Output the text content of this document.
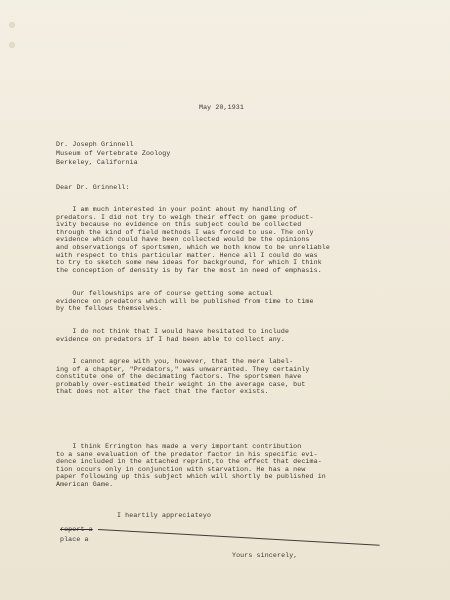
May 20,1931
Dr. Joseph Grinnell
Museum of Vertebrate Zoology
Berkeley, California
Dear Dr. Grinnell:
I am much interested in your point about my handling of
predators. I did not try to weigh their effect on game product-
ivity because no evidence on this subject could be collected
through the kind of field methods I was forced to use. The only
evidence which could have been collected would be the opinions
and observationgs of sportsmen, which we both know to be unreliable
with respect to this particular matter. Hence all I could do was
to try to sketch some new ideas for background, for which I think
the conception of density is by far the most in need of emphasis.
Our fellowships are of course getting some actual
evidence on predators which will be published from time to time
by the fellows themselves.
I do not think that I would have hesitated to include
evidence on predators if I had been able to collect any.
I cannot agree with you, however, that the mere label-
ing of a chapter, "Predators," was unwarranted. They certainly
constitute one of the decimating factors. The sportsmen have
probably over-estimated their weight in the average case, but
that does not alter the fact that the factor exists.
I think Errington has made a very important contribution
to a sane evaluation of the predator factor in his specific evi-
dence included in the attached reprint,to the effect that decima-
tion occurs only in conjunction with starvation. He has a new
paper following up this subject which will shortly be published in
American Game.
I heartily appreciateyo
report a
place a
Yours sincerely,
